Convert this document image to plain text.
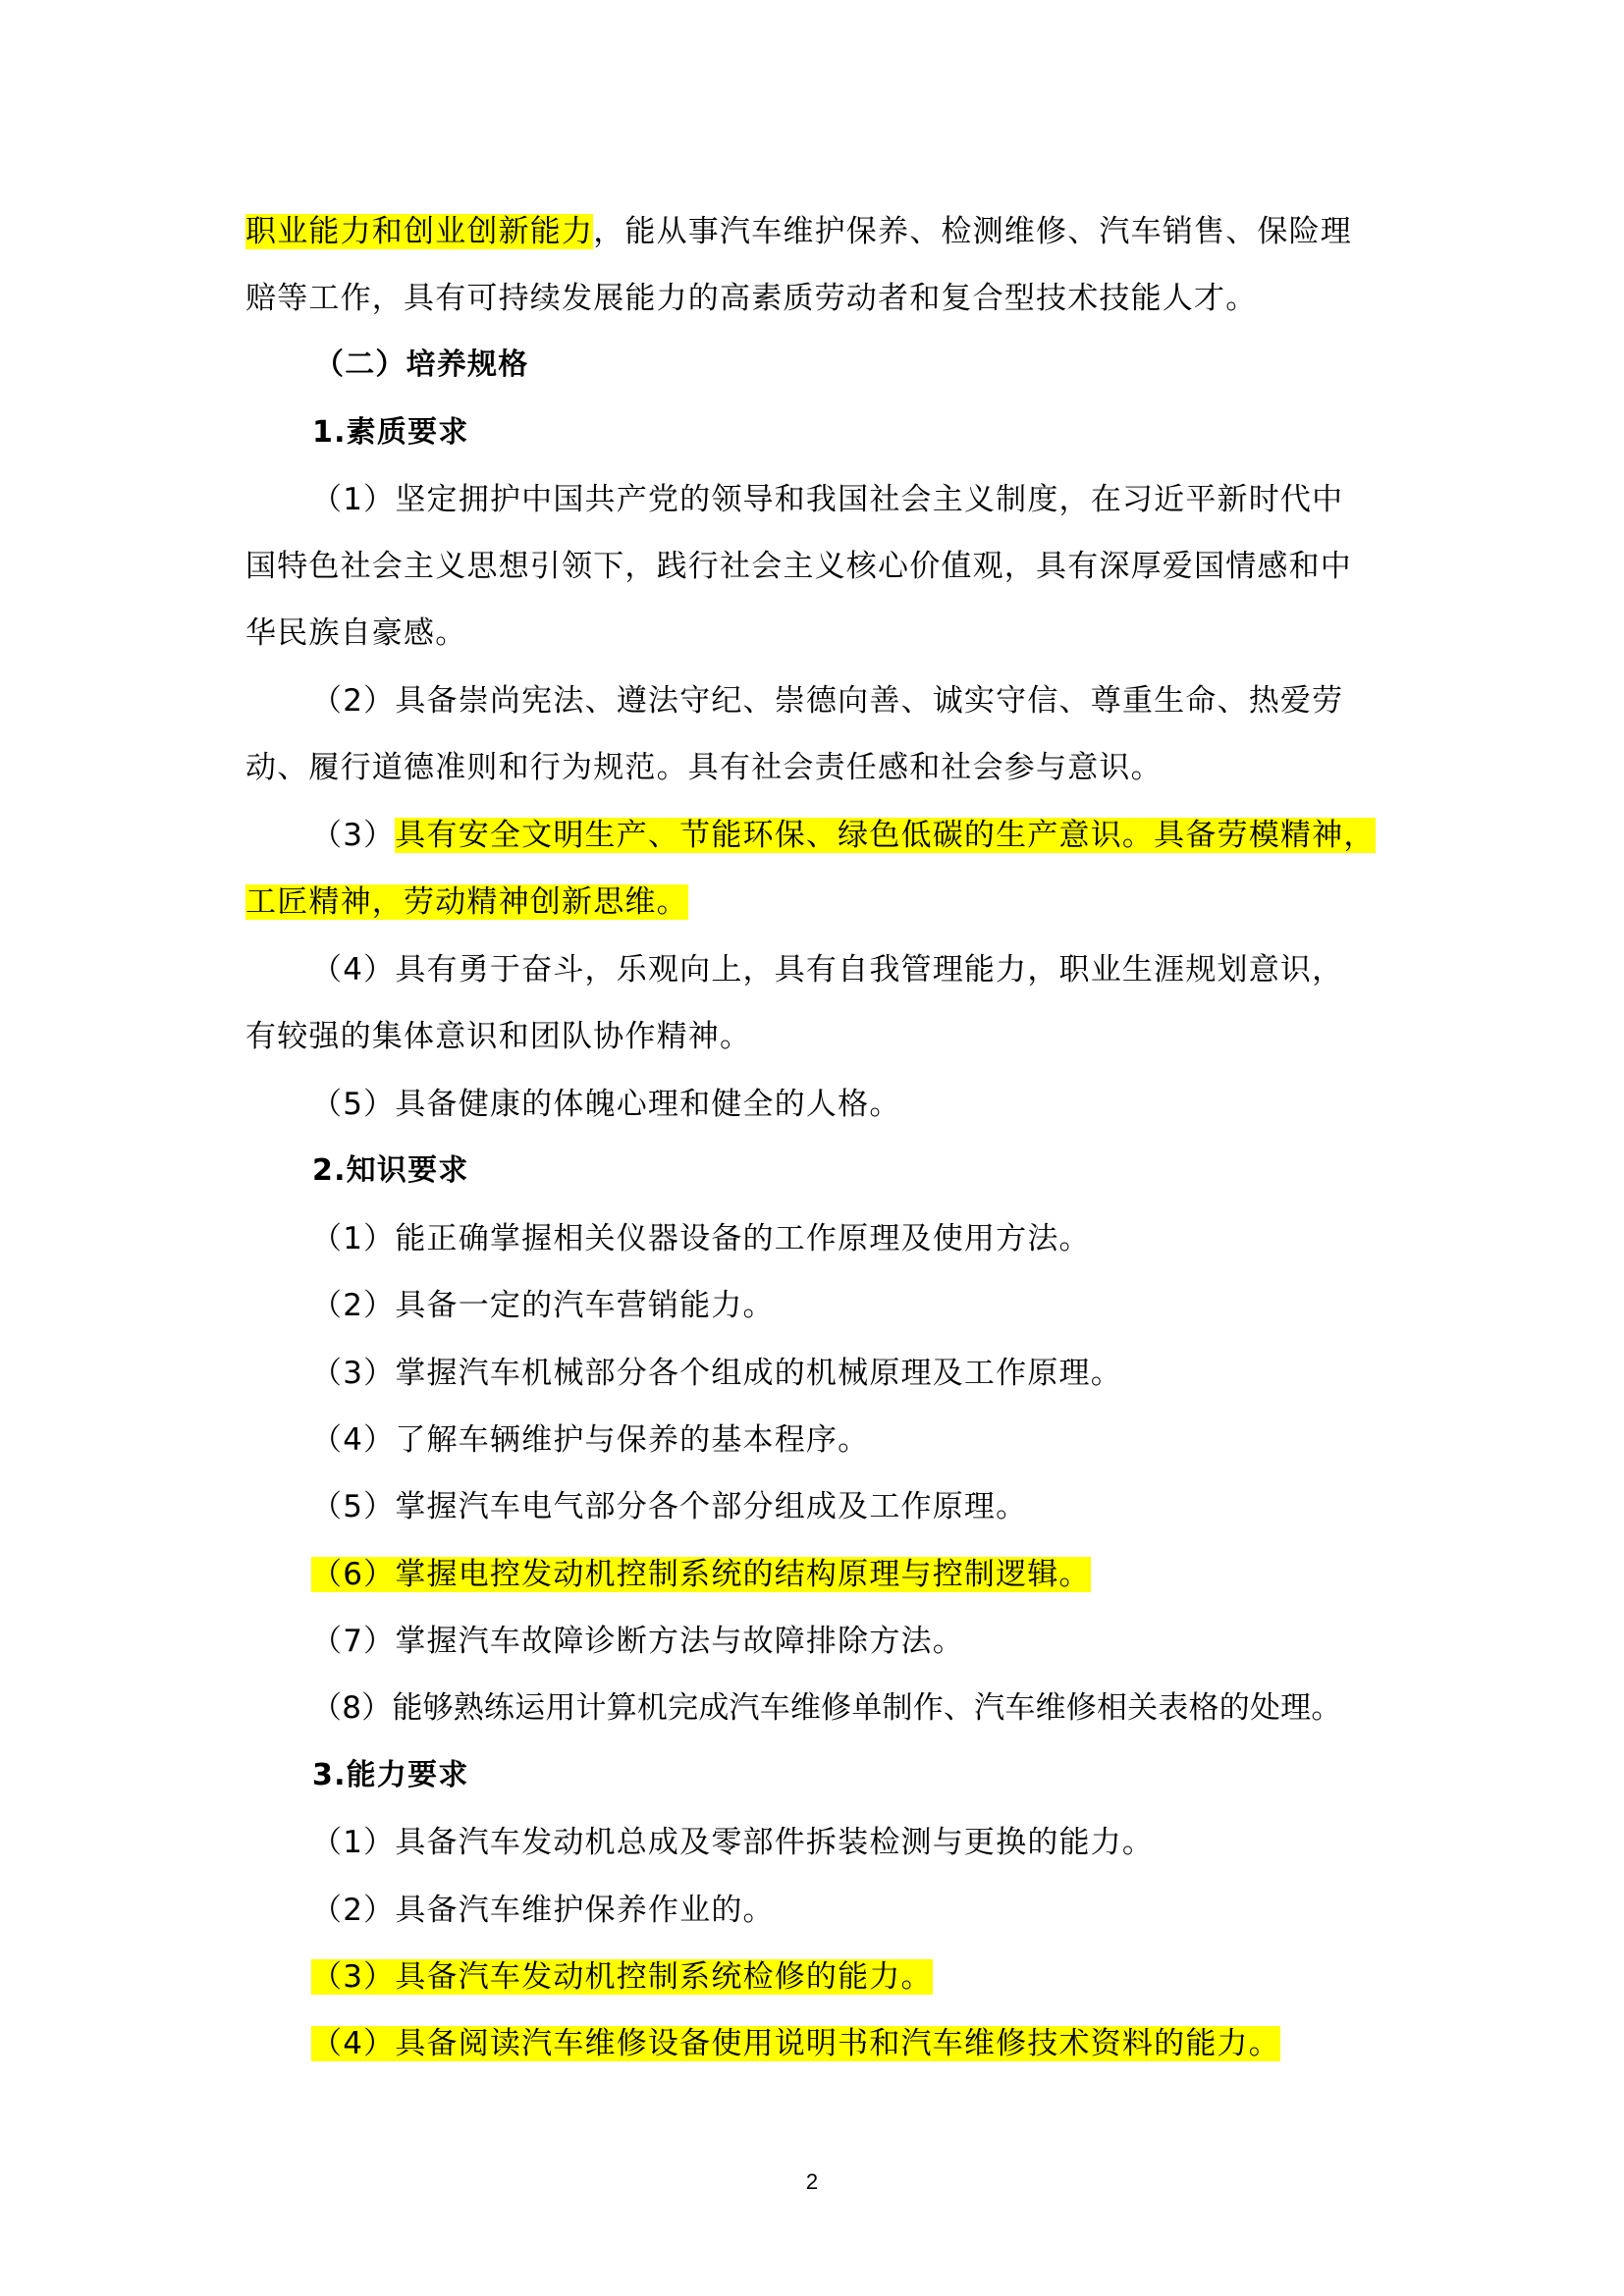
职业能力和创业创新能力，能从事汽车维护保养、检测维修、汽车销售、保险理
赔等工作，具有可持续发展能力的高素质劳动者和复合型技术技能人才。
（二）培养规格
1.素质要求
（1）坚定拥护中国共产党的领导和我国社会主义制度，在习近平新时代中
国特色社会主义思想引领下，践行社会主义核心价值观，具有深厚爱国情感和中
华民族自豪感。
（2）具备崇尚宪法、遵法守纪、崇德向善、诚实守信、尊重生命、热爱劳
动、履行道德准则和行为规范。具有社会责任感和社会参与意识。
（3）具有安全文明生产、节能环保、绿色低碳的生产意识。具备劳模精神，
工匠精神，劳动精神创新思维。
（4）具有勇于奋斗，乐观向上，具有自我管理能力，职业生涯规划意识，
有较强的集体意识和团队协作精神。
（5）具备健康的体魄心理和健全的人格。
2.知识要求
（1）能正确掌握相关仪器设备的工作原理及使用方法。
（2）具备一定的汽车营销能力。
（3）掌握汽车机械部分各个组成的机械原理及工作原理。
（4）了解车辆维护与保养的基本程序。
（5）掌握汽车电气部分各个部分组成及工作原理。
（6）掌握电控发动机控制系统的结构原理与控制逻辑。
（7）掌握汽车故障诊断方法与故障排除方法。
（8）能够熟练运用计算机完成汽车维修单制作、汽车维修相关表格的处理。
3.能力要求
（1）具备汽车发动机总成及零部件拆装检测与更换的能力。
（2）具备汽车维护保养作业的。
（3）具备汽车发动机控制系统检修的能力。
（4）具备阅读汽车维修设备使用说明书和汽车维修技术资料的能力。
2
